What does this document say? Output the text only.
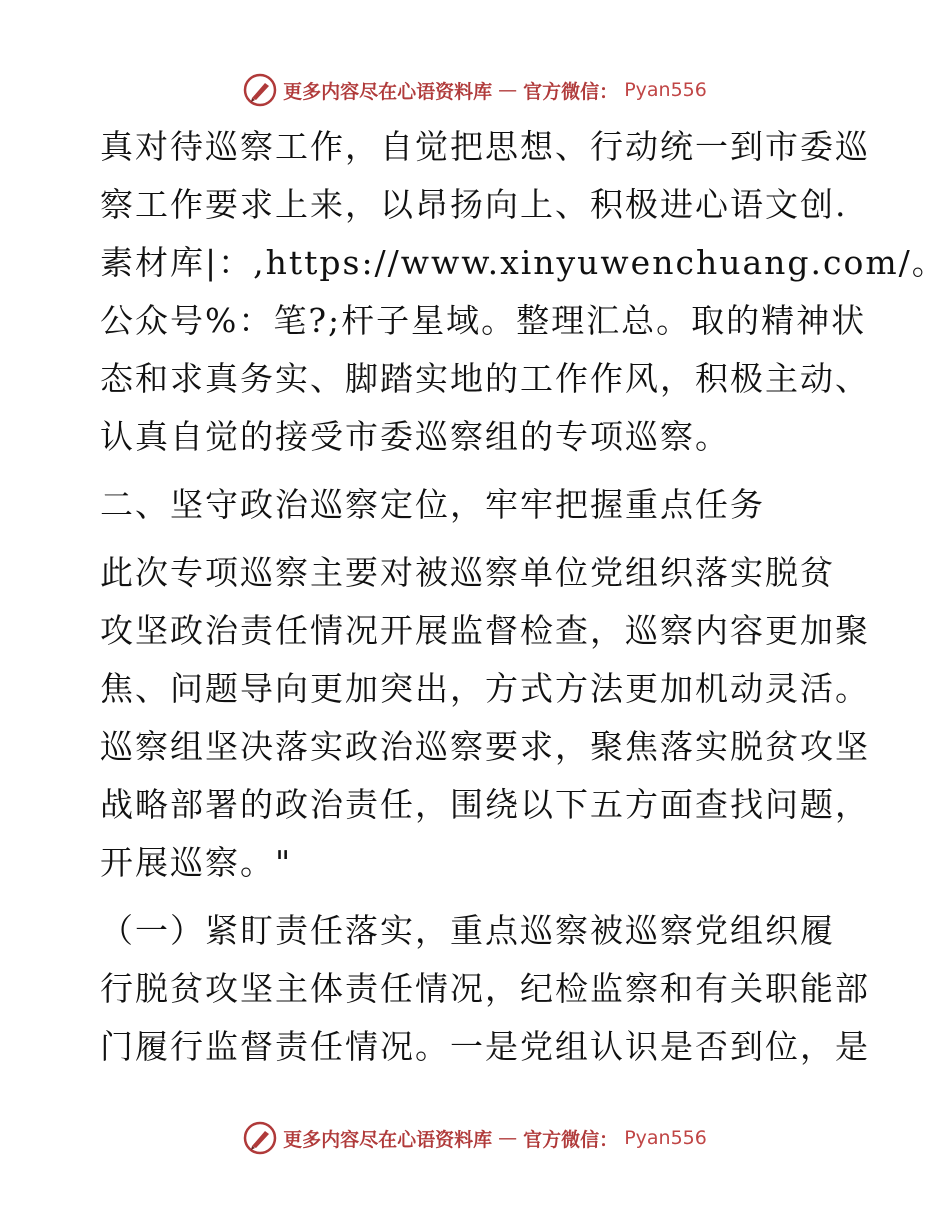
更多内容尽在心语资料库 — 官方微信： Pyan556
真对待巡察工作，自觉把思想、行动统一到市委巡
察工作要求上来，以昂扬向上、积极进心语文创.
素材库|：,https://www.xinyuwenchuang.com/。
公众号%：笔?;杆子星域。整理汇总。取的精神状
态和求真务实、脚踏实地的工作作风，积极主动、
认真自觉的接受市委巡察组的专项巡察。
二、坚守政治巡察定位，牢牢把握重点任务
此次专项巡察主要对被巡察单位党组织落实脱贫
攻坚政治责任情况开展监督检查，巡察内容更加聚
焦、问题导向更加突出，方式方法更加机动灵活。
巡察组坚决落实政治巡察要求，聚焦落实脱贫攻坚
战略部署的政治责任，围绕以下五方面查找问题，
开展巡察。"
（一）紧盯责任落实，重点巡察被巡察党组织履
行脱贫攻坚主体责任情况，纪检监察和有关职能部
门履行监督责任情况。一是党组认识是否到位，是
更多内容尽在心语资料库 — 官方微信： Pyan556
